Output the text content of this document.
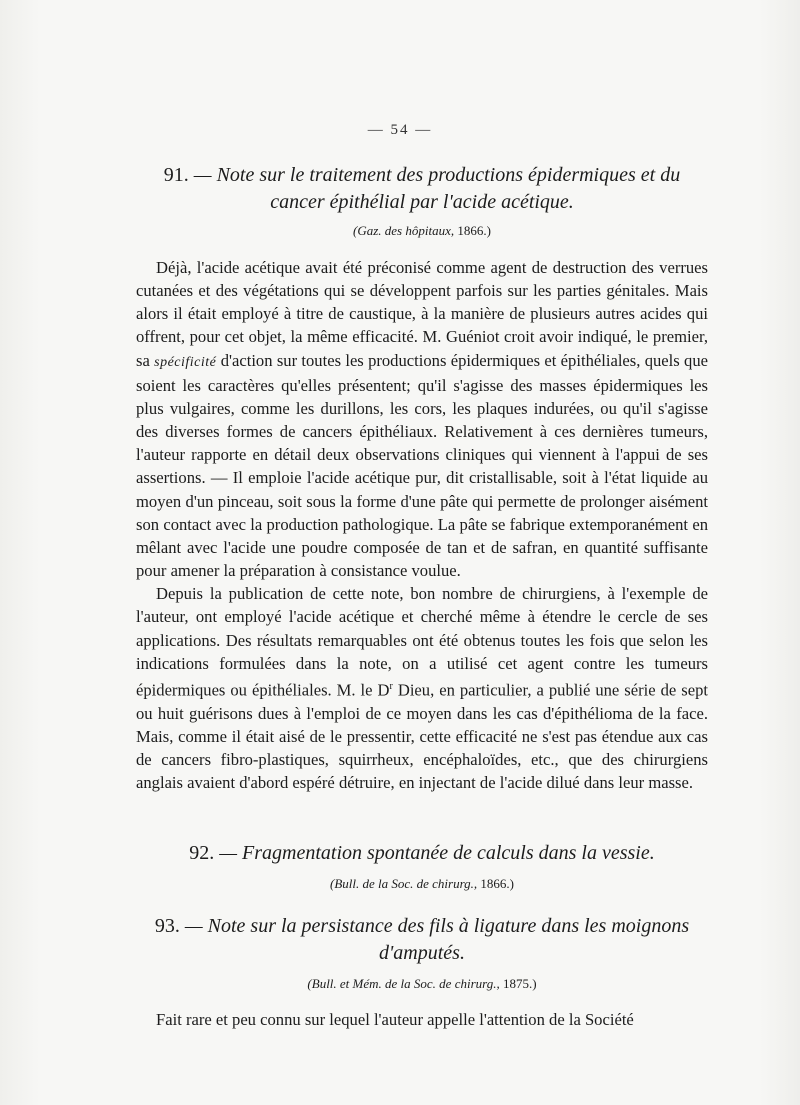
— 54 —
91. — Note sur le traitement des productions épidermiques et du
cancer épithélial par l'acide acétique.
(Gaz. des hôpitaux, 1866.)

Déjà, l'acide acétique avait été préconisé comme agent de destruction des verrues cutanées et des végétations qui se développent parfois sur les parties génitales. Mais alors il était employé à titre de caustique, à la manière de plusieurs autres acides qui offrent, pour cet objet, la même efficacité. M. Guéniot croit avoir indiqué, le premier, sa spécificité d'action sur toutes les productions épidermiques et épithéliales, quels que soient les caractères qu'elles présentent; qu'il s'agisse des masses épidermiques les plus vulgaires, comme les durillons, les cors, les plaques indurées, ou qu'il s'agisse des diverses formes de cancers épithéliaux. Relativement à ces dernières tumeurs, l'auteur rapporte en détail deux observations cliniques qui viennent à l'appui de ses assertions. — Il emploie l'acide acétique pur, dit cristallisable, soit à l'état liquide au moyen d'un pinceau, soit sous la forme d'une pâte qui permette de prolonger aisément son contact avec la production pathologique. La pâte se fabrique extemporanément en mêlant avec l'acide une poudre composée de tan et de safran, en quantité suffisante pour amener la préparation à consistance voulue.

Depuis la publication de cette note, bon nombre de chirurgiens, à l'exemple de l'auteur, ont employé l'acide acétique et cherché même à étendre le cercle de ses applications. Des résultats remarquables ont été obtenus toutes les fois que selon les indications formulées dans la note, on a utilisé cet agent contre les tumeurs épidermiques ou épithéliales. M. le $D^r$ Dieu, en particulier, a publié une série de sept ou huit guérisons dues à l'emploi de ce moyen dans les cas d'épithélioma de la face. Mais, comme il était aisé de le pressentir, cette efficacité ne s'est pas étendue aux cas de cancers fibro-plastiques, squirrheux, encéphaloïdes, etc., que des chirurgiens anglais avaient d'abord espéré détruire, en injectant de l'acide dilué dans leur masse.

92. — Fragmentation spontanée de calculs dans la vessie.
(Bull. de la Soc. de chirurg., 1866.)
93. — Note sur la persistance des fils à ligature dans les moignons
d'amputés.
(Bull. et Mém. de la Soc. de chirurg., 1875.)

Fait rare et peu connu sur lequel l'auteur appelle l'attention de la Société
